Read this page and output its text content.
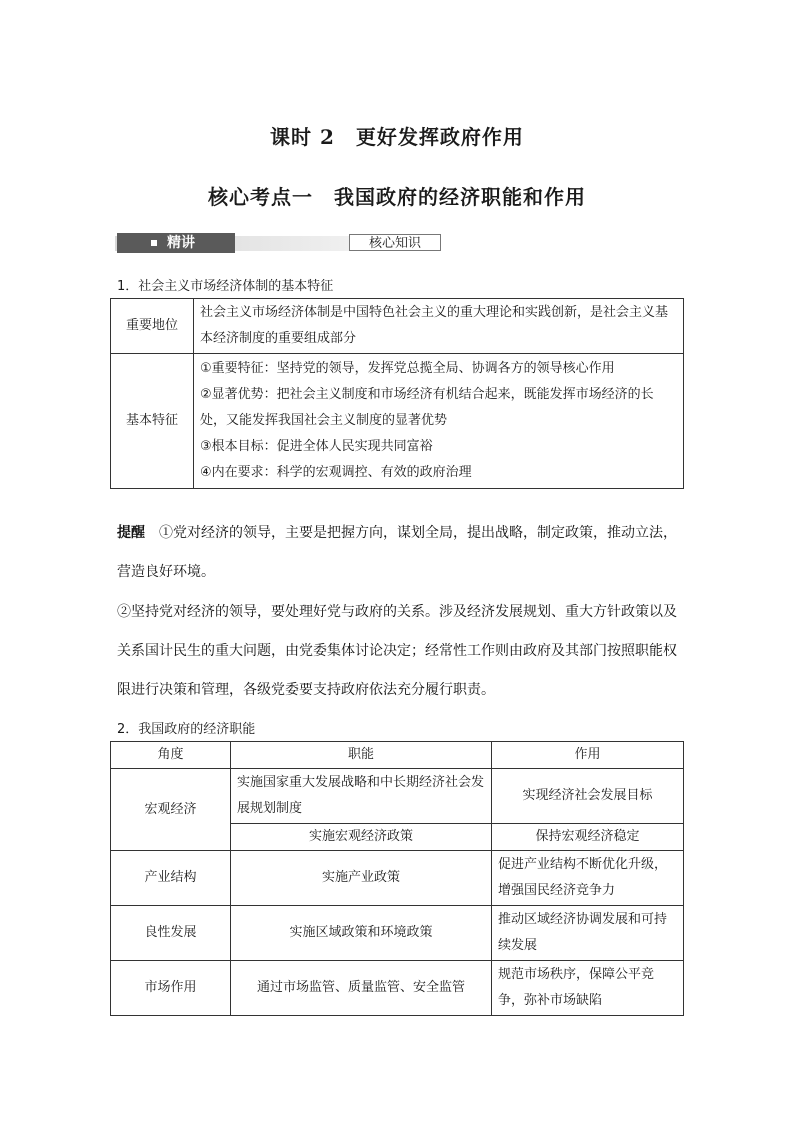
课时 2　更好发挥政府作用
核心考点一　我国政府的经济职能和作用
精讲	核心知识
1．社会主义市场经济体制的基本特征
重要地位	社会主义市场经济体制是中国特色社会主义的重大理论和实践创新，是社会主义基本经济制度的重要组成部分
基本特征	①重要特征：坚持党的领导，发挥党总揽全局、协调各方的领导核心作用
②显著优势：把社会主义制度和市场经济有机结合起来，既能发挥市场经济的长处，又能发挥我国社会主义制度的显著优势
③根本目标：促进全体人民实现共同富裕
④内在要求：科学的宏观调控、有效的政府治理
提醒　 ①党对经济的领导，主要是把握方向，谋划全局，提出战略，制定政策，推动立法，营造良好环境。
②坚持党对经济的领导，要处理好党与政府的关系。涉及经济发展规划、重大方针政策以及关系国计民生的重大问题，由党委集体讨论决定；经常性工作则由政府及其部门按照职能权限进行决策和管理，各级党委要支持政府依法充分履行职责。
2．我国政府的经济职能
角度	职能	作用
宏观经济	实施国家重大发展战略和中长期经济社会发展规划制度	实现经济社会发展目标
	实施宏观经济政策	保持宏观经济稳定
产业结构	实施产业政策	促进产业结构不断优化升级，增强国民经济竞争力
良性发展	实施区域政策和环境政策	推动区域经济协调发展和可持续发展
市场作用	通过市场监管、质量监管、安全监管	规范市场秩序，保障公平竞争，弥补市场缺陷
